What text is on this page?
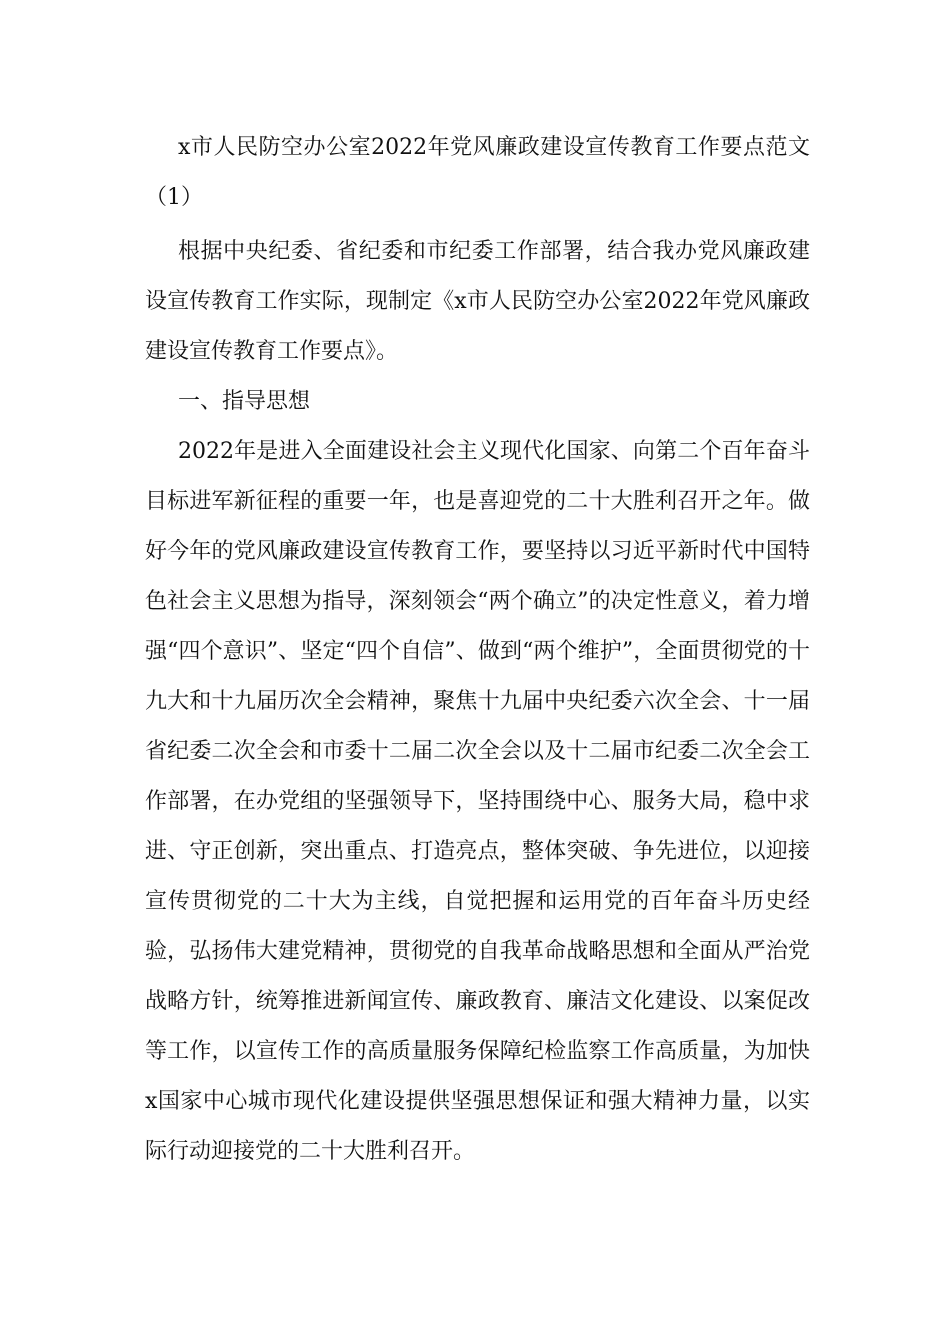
x市人民防空办公室2022年党风廉政建设宣传教育工作要点范文（1）

根据中央纪委、省纪委和市纪委工作部署，结合我办党风廉政建设宣传教育工作实际，现制定《x市人民防空办公室2022年党风廉政建设宣传教育工作要点》。

一、指导思想

2022年是进入全面建设社会主义现代化国家、向第二个百年奋斗目标进军新征程的重要一年，也是喜迎党的二十大胜利召开之年。做好今年的党风廉政建设宣传教育工作，要坚持以习近平新时代中国特色社会主义思想为指导，深刻领会“两个确立”的决定性意义，着力增强“四个意识”、坚定“四个自信”、做到“两个维护”，全面贯彻党的十九大和十九届历次全会精神，聚焦十九届中央纪委六次全会、十一届省纪委二次全会和市委十二届二次全会以及十二届市纪委二次全会工作部署，在办党组的坚强领导下，坚持围绕中心、服务大局，稳中求进、守正创新，突出重点、打造亮点，整体突破、争先进位，以迎接宣传贯彻党的二十大为主线，自觉把握和运用党的百年奋斗历史经验，弘扬伟大建党精神，贯彻党的自我革命战略思想和全面从严治党战略方针，统筹推进新闻宣传、廉政教育、廉洁文化建设、以案促改等工作，以宣传工作的高质量服务保障纪检监察工作高质量，为加快x国家中心城市现代化建设提供坚强思想保证和强大精神力量，以实际行动迎接党的二十大胜利召开。
